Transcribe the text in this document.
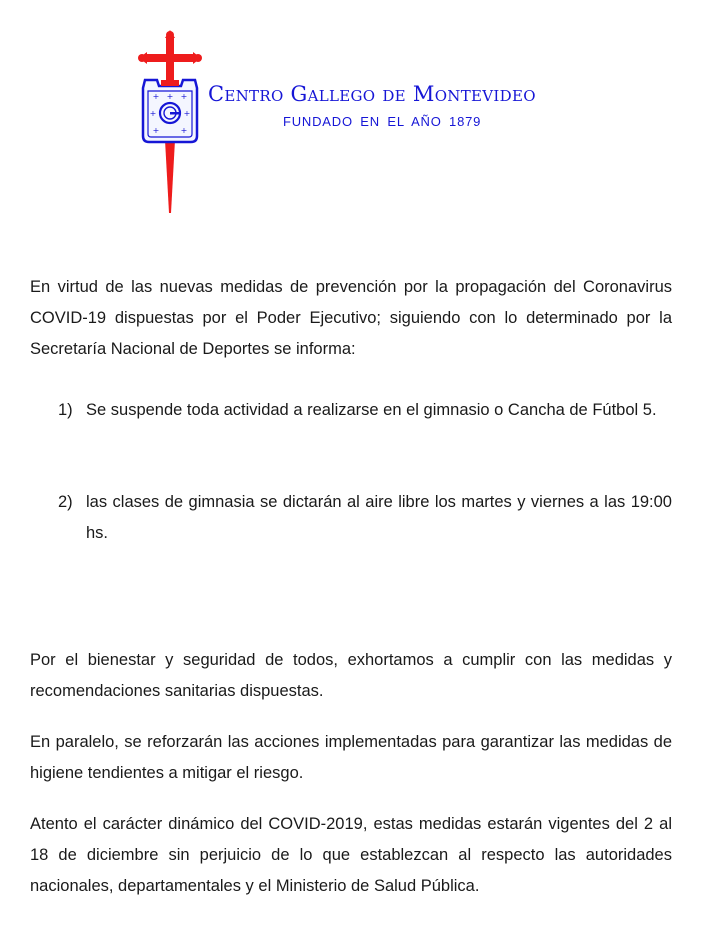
+ + +
+	+
+	+
Centro Gallego de Montevideo
FUNDADO EN EL AÑO 1879

En virtud de las nuevas medidas de prevención por la propagación del Coronavirus COVID-19 dispuestas por el Poder Ejecutivo; siguiendo con lo determinado por la Secretaría Nacional de Deportes se informa:

1) Se suspende toda actividad a realizarse en el gimnasio o Cancha de Fútbol 5.
2) las clases de gimnasia se dictarán al aire libre los martes y viernes a las 19:00 hs.

Por el bienestar y seguridad de todos, exhortamos a cumplir con las medidas y recomendaciones sanitarias dispuestas.

En paralelo, se reforzarán las acciones implementadas para garantizar las medidas de higiene tendientes a mitigar el riesgo.

Atento el carácter dinámico del COVID-2019, estas medidas estarán vigentes del 2 al 18 de diciembre sin perjuicio de lo que establezcan al respecto las autoridades nacionales, departamentales y el Ministerio de Salud Pública.
